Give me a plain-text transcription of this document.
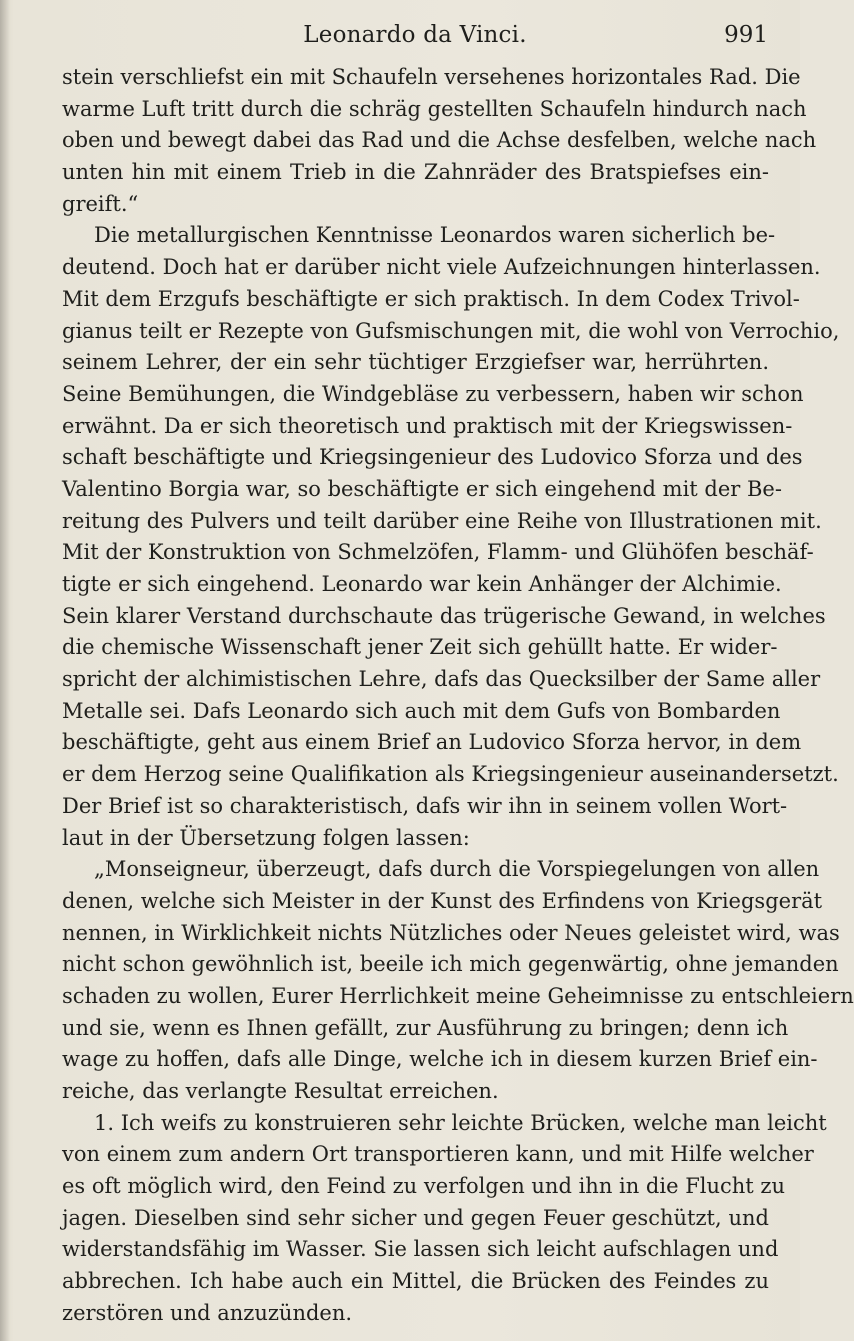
Leonardo da Vinci.	991
stein verschliefst ein mit Schaufeln versehenes horizontales Rad. Die
warme Luft tritt durch die schräg gestellten Schaufeln hindurch nach
oben und bewegt dabei das Rad und die Achse desfelben, welche nach
unten hin mit einem Trieb in die Zahnräder des Bratspiefses ein-
greift.“
Die metallurgischen Kenntnisse Leonardos waren sicherlich be-
deutend. Doch hat er darüber nicht viele Aufzeichnungen hinterlassen.
Mit dem Erzgufs beschäftigte er sich praktisch. In dem Codex Trivol-
gianus teilt er Rezepte von Gufsmischungen mit, die wohl von Verrochio,
seinem Lehrer, der ein sehr tüchtiger Erzgiefser war, herrührten.
Seine Bemühungen, die Windgebläse zu verbessern, haben wir schon
erwähnt. Da er sich theoretisch und praktisch mit der Kriegswissen-
schaft beschäftigte und Kriegsingenieur des Ludovico Sforza und des
Valentino Borgia war, so beschäftigte er sich eingehend mit der Be-
reitung des Pulvers und teilt darüber eine Reihe von Illustrationen mit.
Mit der Konstruktion von Schmelzöfen, Flamm- und Glühöfen beschäf-
tigte er sich eingehend. Leonardo war kein Anhänger der Alchimie.
Sein klarer Verstand durchschaute das trügerische Gewand, in welches
die chemische Wissenschaft jener Zeit sich gehüllt hatte. Er wider-
spricht der alchimistischen Lehre, dafs das Quecksilber der Same aller
Metalle sei. Dafs Leonardo sich auch mit dem Gufs von Bombarden
beschäftigte, geht aus einem Brief an Ludovico Sforza hervor, in dem
er dem Herzog seine Qualifikation als Kriegsingenieur auseinandersetzt.
Der Brief ist so charakteristisch, dafs wir ihn in seinem vollen Wort-
laut in der Übersetzung folgen lassen:
„Monseigneur, überzeugt, dafs durch die Vorspiegelungen von allen
denen, welche sich Meister in der Kunst des Erfindens von Kriegsgerät
nennen, in Wirklichkeit nichts Nützliches oder Neues geleistet wird, was
nicht schon gewöhnlich ist, beeile ich mich gegenwärtig, ohne jemanden
schaden zu wollen, Eurer Herrlichkeit meine Geheimnisse zu entschleiern
und sie, wenn es Ihnen gefällt, zur Ausführung zu bringen; denn ich
wage zu hoffen, dafs alle Dinge, welche ich in diesem kurzen Brief ein-
reiche, das verlangte Resultat erreichen.
1. Ich weifs zu konstruieren sehr leichte Brücken, welche man leicht
von einem zum andern Ort transportieren kann, und mit Hilfe welcher
es oft möglich wird, den Feind zu verfolgen und ihn in die Flucht zu
jagen. Dieselben sind sehr sicher und gegen Feuer geschützt, und
widerstandsfähig im Wasser. Sie lassen sich leicht aufschlagen und
abbrechen. Ich habe auch ein Mittel, die Brücken des Feindes zu
zerstören und anzuzünden.
